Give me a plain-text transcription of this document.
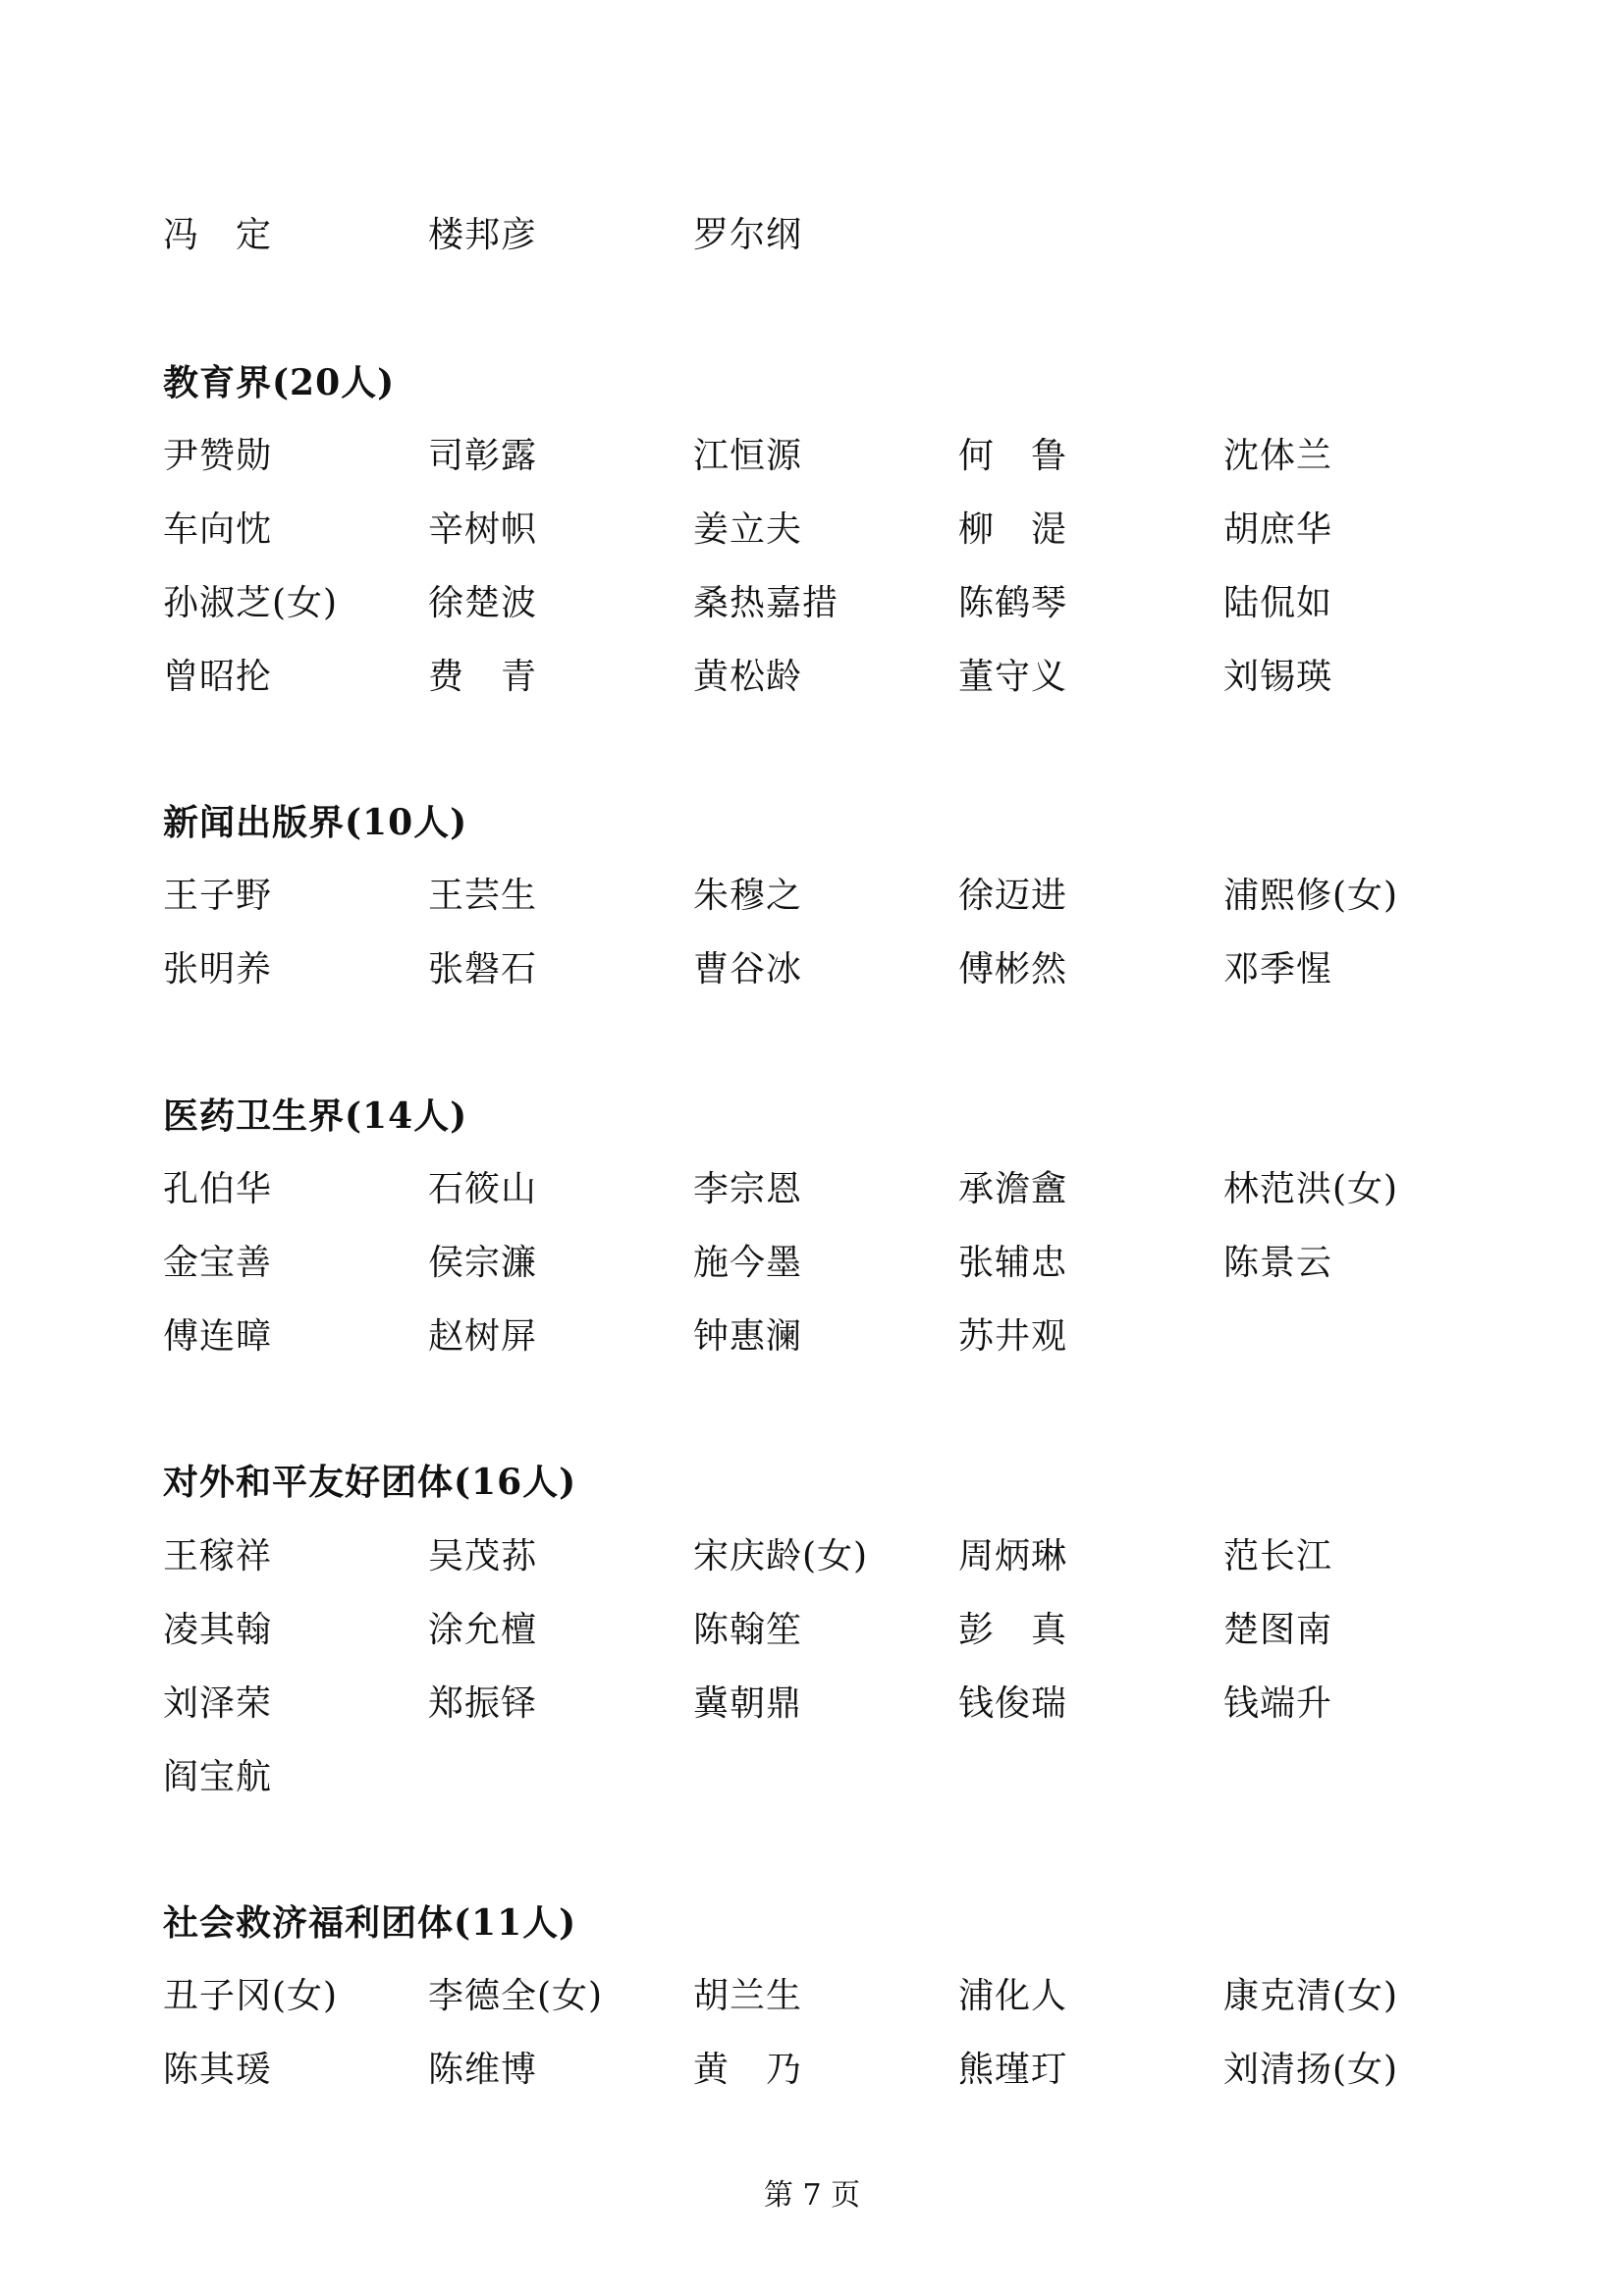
冯　定	楼邦彦	罗尔纲
教育界(20人)
尹赞勋	司彰露	江恒源	何　鲁	沈体兰
车向忱	辛树帜	姜立夫	柳　湜	胡庶华
孙淑芝(女)	徐楚波	桑热嘉措	陈鹤琴	陆侃如
曾昭抡	费　青	黄松龄	董守义	刘锡瑛
新闻出版界(10人)
王子野	王芸生	朱穆之	徐迈进	浦熙修(女)
张明养	张磐石	曹谷冰	傅彬然	邓季惺
医药卫生界(14人)
孔伯华	石筱山	李宗恩	承澹盦	林范洪(女)
金宝善	侯宗濂	施今墨	张辅忠	陈景云
傅连暲	赵树屏	钟惠澜	苏井观
对外和平友好团体(16人)
王稼祥	吴茂荪	宋庆龄(女)	周炳琳	范长江
凌其翰	涂允檀	陈翰笙	彭　真	楚图南
刘泽荣	郑振铎	冀朝鼎	钱俊瑞	钱端升
阎宝航
社会救济福利团体(11人)
丑子冈(女)	李德全(女)	胡兰生	浦化人	康克清(女)
陈其瑗	陈维博	黄　乃	熊瑾玎	刘清扬(女)
第 7 页
